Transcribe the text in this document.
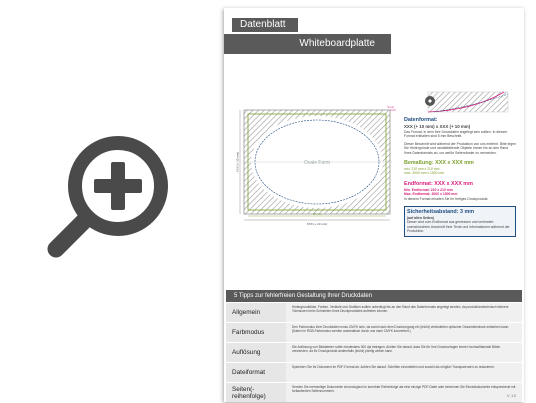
Datenblatt
Whiteboardplatte
Ovale Form
XXX (+ 10 mm)
XX mm
XXX (+ 10 mm)
5 mm
Datenformat:
XXX (+ 10 mm) x XXX (+ 10 mm)
Das Format, in dem Ihre Druckdaten angelegt sein sollten. In diesem Format enthalten sind 5 mm Beschnitt.
Dieser Beschnitt wird während der Produktion von uns entfernt. Bitte legen Sie Hintergründe und randabfallende Objekte immer bis an den Rand Ihres Datenformats an, um weiße Seitenränder zu vermeiden.
Bemaßung: XXX x XXX mm
min. 210 mm x 210 mm
max. 3000 mm x 1500 mm
Endformat: XXX x XXX mm
Min. Endformat: 210 x 210 mm
Max. Endformat: 3000 x 1500 mm
In diesem Format erhalten Sie Ihr fertiges Druckprodukt.
Sicherheitsabstand: 3 mm
(auf allen Seiten)
Dieser wird vom Endformat aus gemessen und verhindert unerwünschten Anschnitt Ihrer Texte und Informationen während der Produktion.
5 Tipps zur fehlerfreien Gestaltung Ihrer Druckdaten
Allgemein
Hintergrundbilder, Farben, Verläufe und Grafiken sollten unbedingt bis an den Rand des Datenformats angelegt werden, da produktionstechnisch kleinere Toleranzen beim Schneiden Ihres Druckproduktes auftreten können.
Farbmodus
Den Farbmodus Ihrer Druckdaten muss CMYK sein, da sonst nach dem Druckvorgang ein (leicht) veränderten optischer Gesamteindruck entstehen kann. (Daten im RGB-Farbmodus werden automatisch durch uns nach CMYK konvertiert.)
Auflösung
Die Auflösung von Bilddateien sollte mindestens 300 dpi betragen. Achten Sie darauf, dass Sie für Ihre Druckvorlagen immer hochaufläsende Bilder verwenden, da Ihr Druckprodukt andernfalls (leicht) pixelig wirken kann.
Dateiformat
Speichern Sie Ihr Dokument im PDF-Format ab. Achten Sie darauf, Schriften einzubetten und sowohl als möglich Transparenzen zu reduzieren.
Seiten(-reihenfolge)
Senden Sie mehrseitige Dokumente chronologisch in korrekter Reihenfolge als eine einzige PDF-Datei oder benennen Sie Einzeldokumente entsprechend mit fortlaufenden Seitennummern.
V. 1.0
